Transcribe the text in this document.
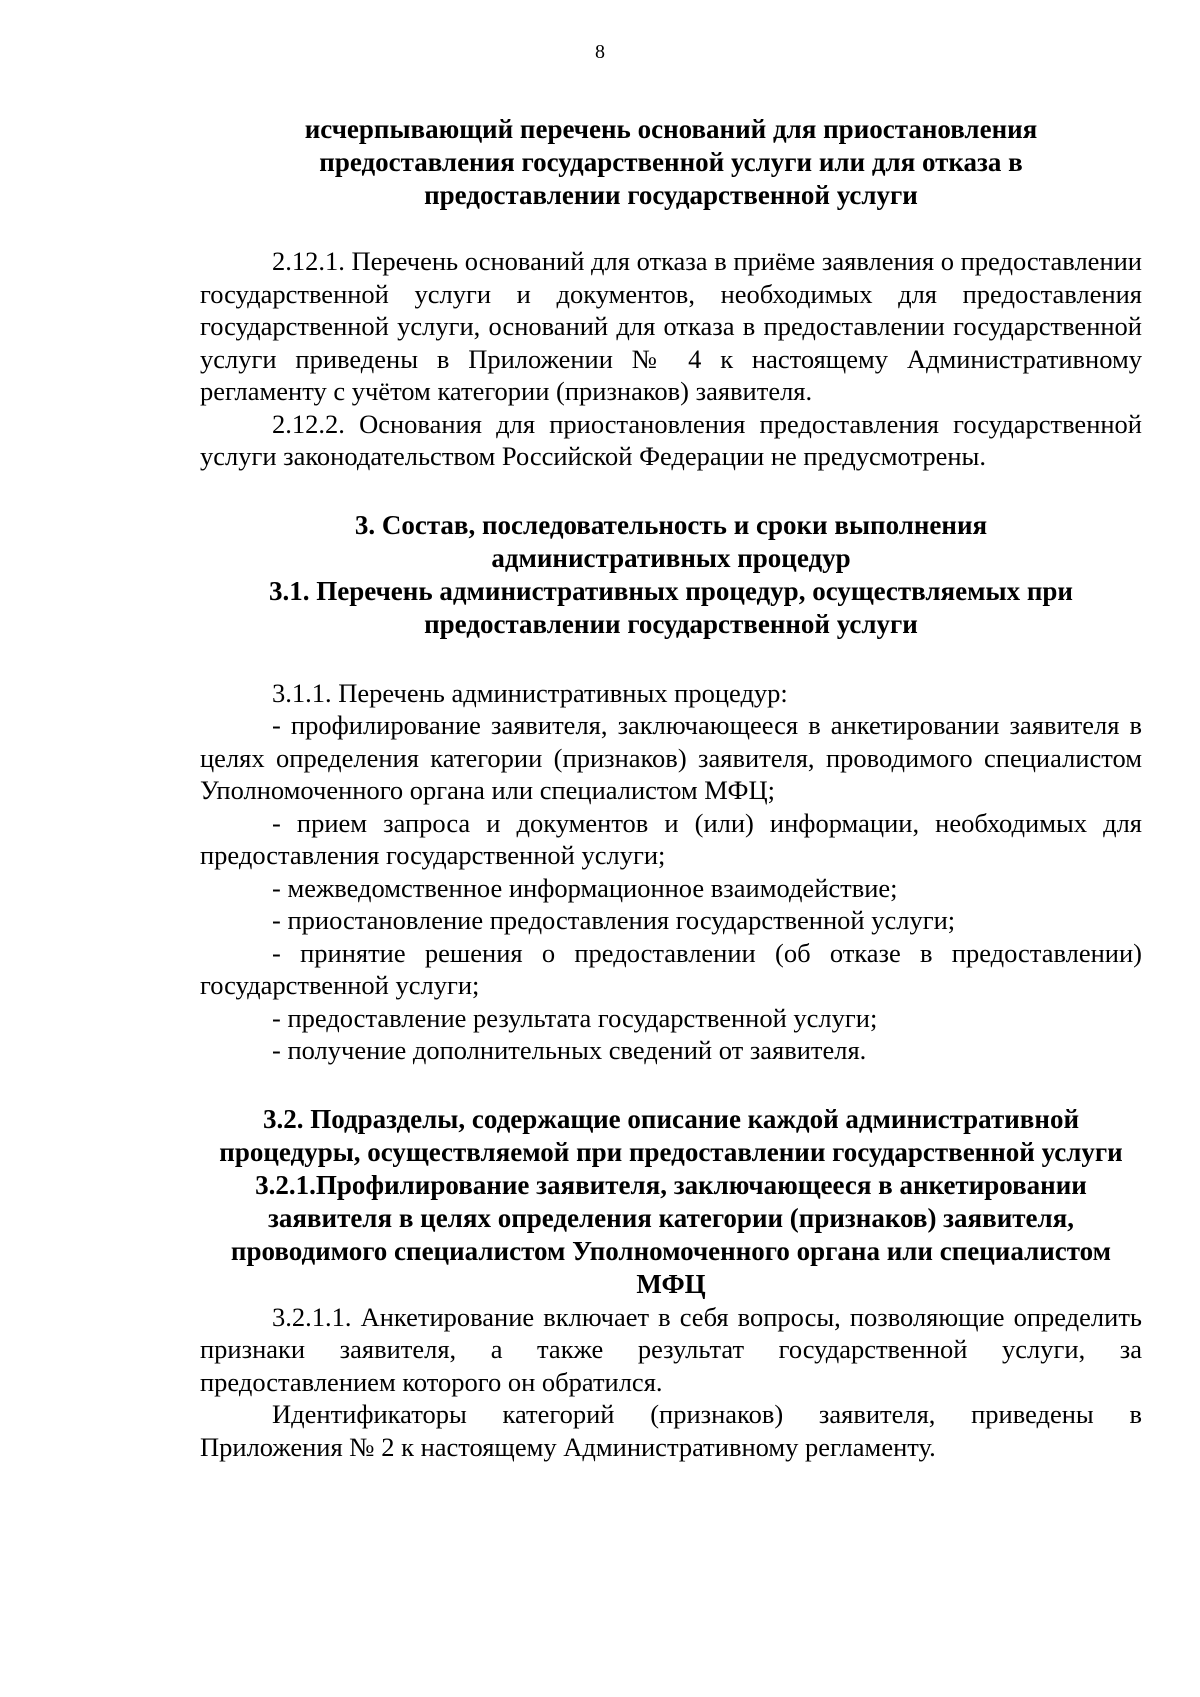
8

исчерпывающий перечень оснований для приостановления

предоставления государственной услуги или для отказа в

предоставлении государственной услуги

2.12.1. Перечень оснований для отказа в приёме заявления о предоставлении государственной услуги и документов, необходимых для предоставления государственной услуги, оснований для отказа в предоставлении государственной услуги приведены в Приложении № 4 к настоящему Административному регламенту с учётом категории (признаков) заявителя.

2.12.2. Основания для приостановления предоставления государственной услуги законодательством Российской Федерации не предусмотрены.

3. Состав, последовательность и сроки выполнения

административных процедур

3.1. Перечень административных процедур, осуществляемых при

предоставлении государственной услуги

3.1.1. Перечень административных процедур:

- профилирование заявителя, заключающееся в анкетировании заявителя в целях определения категории (признаков) заявителя, проводимого специалистом Уполномоченного органа или специалистом МФЦ;

- прием запроса и документов и (или) информации, необходимых для предоставления государственной услуги;

- межведомственное информационное взаимодействие;

- приостановление предоставления государственной услуги;

- принятие решения о предоставлении (об отказе в предоставлении) государственной услуги;

- предоставление результата государственной услуги;

- получение дополнительных сведений от заявителя.

3.2. Подразделы, содержащие описание каждой административной процедуры, осуществляемой при предоставлении государственной услуги

3.2.1.Профилирование заявителя, заключающееся в анкетировании заявителя в целях определения категории (признаков) заявителя, проводимого специалистом Уполномоченного органа или специалистом МФЦ

3.2.1.1. Анкетирование включает в себя вопросы, позволяющие определить признаки заявителя, а также результат государственной услуги, за предоставлением которого он обратился.

Идентификаторы категорий (признаков) заявителя, приведены в Приложения № 2 к настоящему Административному регламенту.
